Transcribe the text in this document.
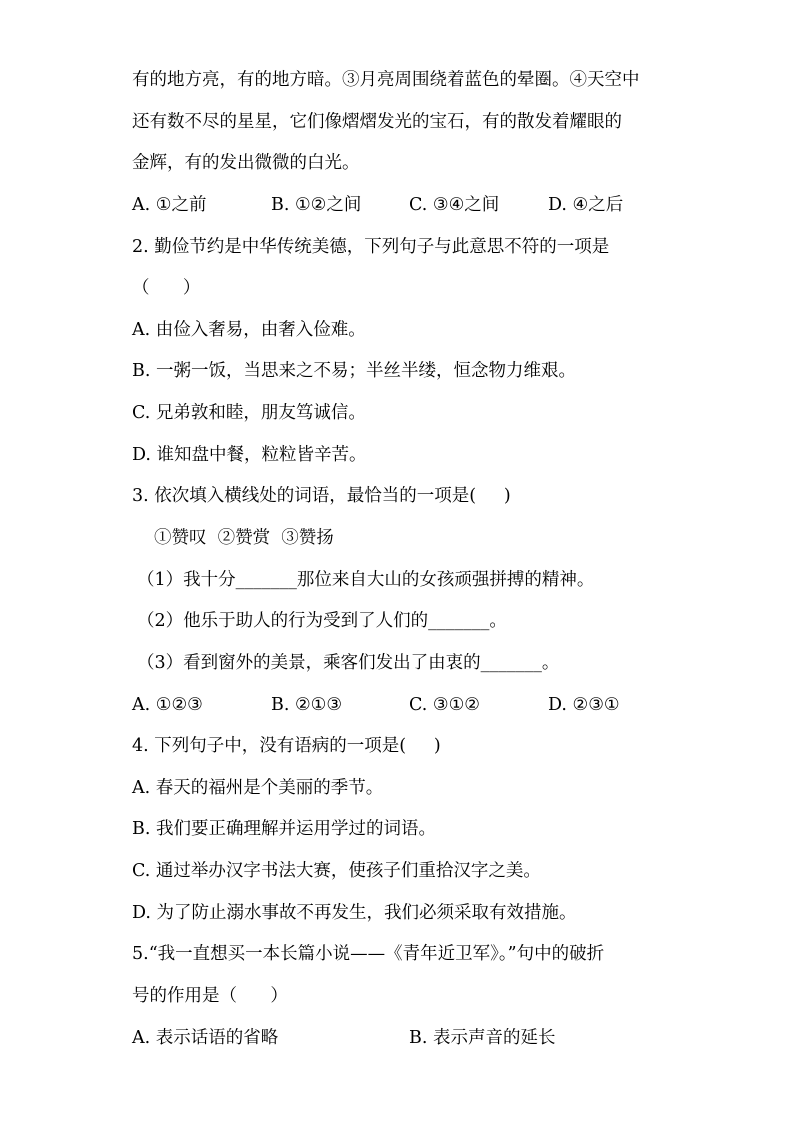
有的地方亮，有的地方暗。③月亮周围绕着蓝色的晕圈。④天空中
还有数不尽的星星，它们像熠熠发光的宝石，有的散发着耀眼的
金辉，有的发出微微的白光。
A. ①之前	B. ①②之间	C. ③④之间	D. ④之后
2. 勤俭节约是中华传统美德，下列句子与此意思不符的一项是
（      ）
A. 由俭入奢易，由奢入俭难。
B. 一粥一饭，当思来之不易；半丝半缕，恒念物力维艰。
C. 兄弟敦和睦，朋友笃诚信。
D. 谁知盘中餐，粒粒皆辛苦。
3. 依次填入横线处的词语，最恰当的一项是(     )
①赞叹  ②赞赏  ③赞扬
（1）我十分_______那位来自大山的女孩顽强拼搏的精神。
（2）他乐于助人的行为受到了人们的_______。
（3）看到窗外的美景，乘客们发出了由衷的_______。
A. ①②③	B. ②①③	C. ③①②	D. ②③①
4. 下列句子中，没有语病的一项是(     )
A. 春天的福州是个美丽的季节。
B. 我们要正确理解并运用学过的词语。
C. 通过举办汉字书法大赛，使孩子们重拾汉字之美。
D. 为了防止溺水事故不再发生，我们必须采取有效措施。
5.“我一直想买一本长篇小说——《青年近卫军》。”句中的破折
号的作用是（      ）
A. 表示话语的省略	B. 表示声音的延长
